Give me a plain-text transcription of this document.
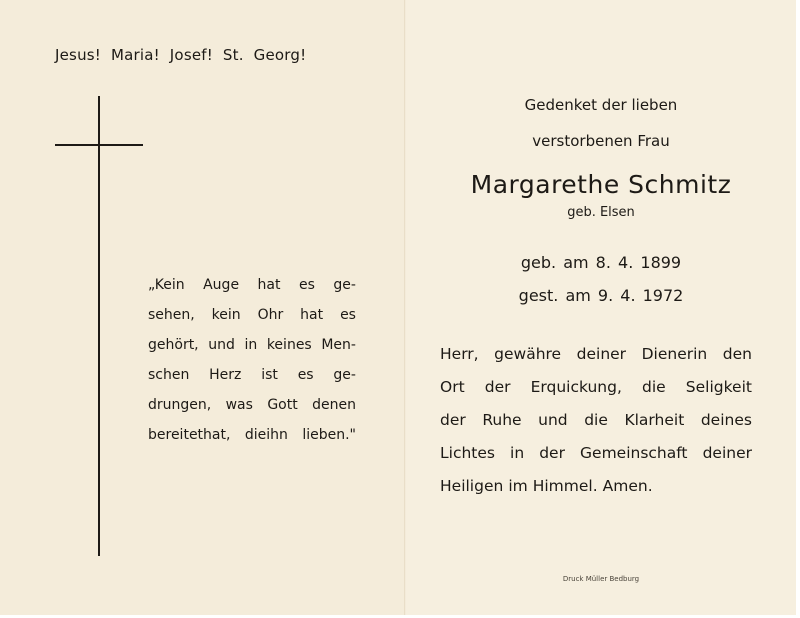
Jesus! Maria! Josef! St. Georg!
„Kein Auge hat es ge-
sehen, kein Ohr hat es
gehört, und in keines Men-
schen Herz ist es ge-
drungen, was Gott denen
bereitethat, dieihn lieben."
Gedenket der lieben
verstorbenen Frau
Margarethe Schmitz
geb. Elsen
geb. am 8. 4. 1899
gest. am 9. 4. 1972
Herr, gewähre deiner Dienerin den
Ort der Erquickung, die Seligkeit
der Ruhe und die Klarheit deines
Lichtes in der Gemeinschaft deiner
Heiligen im Himmel. Amen.
Druck Müller Bedburg
